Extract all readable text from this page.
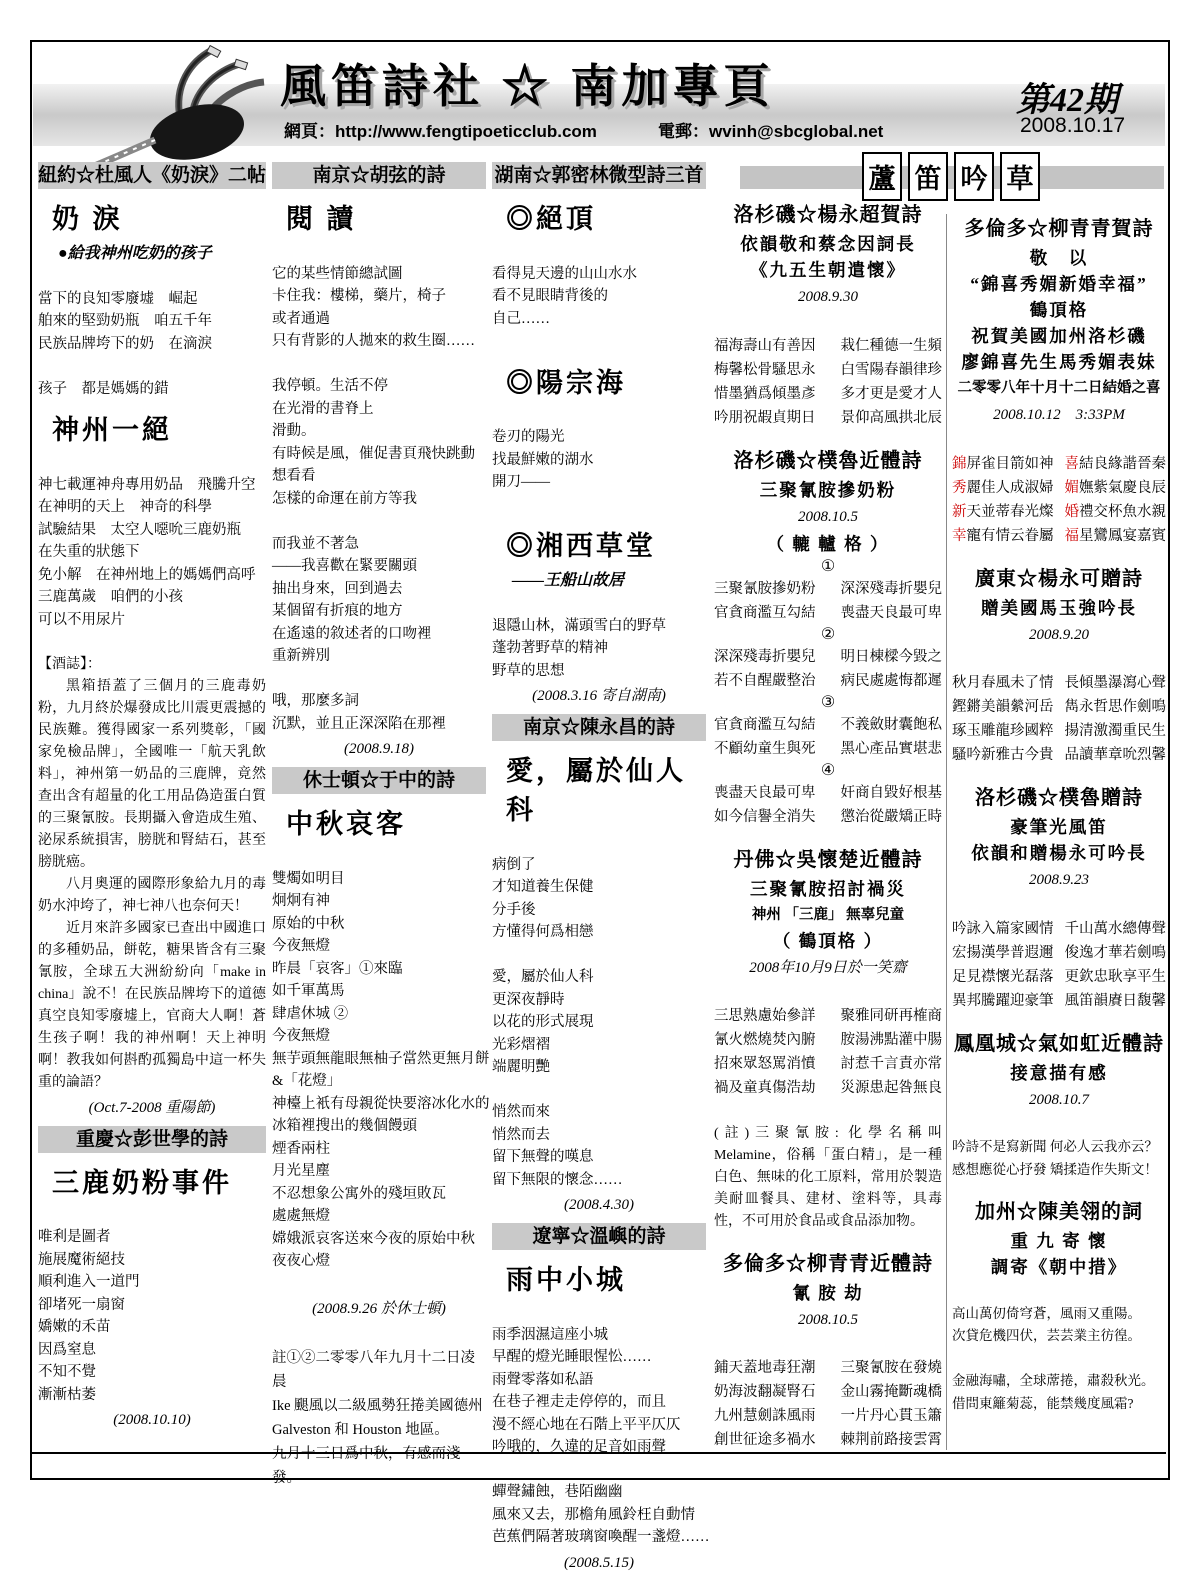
風笛詩社 ☆ 南加專頁
網頁：http://www.fengtipoeticclub.com	電郵：wvinh@sbcglobal.net
第42期
2008.10.17
蘆 笛 吟 草
紐約☆杜風人《奶淚》二帖
奶 淚
●給我神州吃奶的孩子
當下的良知零廢墟　崛起
舶來的堅勁奶瓶　咱五千年
民族品牌垮下的奶　在滴淚
孩子　都是媽媽的錯
神州一絕
神七載運神舟專用奶品　飛騰升空
在神明的天上　神奇的科學
試驗結果　太空人噁吮三鹿奶瓶
在失重的狀態下
免小解　在神州地上的媽媽們高呼
三鹿萬歲　咱們的小孩
可以不用尿片
【酒誌】：
黑箱捂蓋了三個月的三鹿毒奶粉，九月終於爆發成比川震更震撼的民族難。獲得國家一系列獎彰，「國家免檢品牌」，全國唯一「航天乳飲料」，神州第一奶品的三鹿牌，竟然查出含有超量的化工用品偽造蛋白質的三聚氰胺。長期攝入會造成生殖、泌尿系統損害，膀胱和腎結石，甚至膀胱癌。
八月奧運的國際形象給九月的毒奶水沖垮了，神七神八也奈何天！
近月來許多國家已查出中國進口的多種奶品，餅乾，糖果皆含有三聚氰胺，全球五大洲紛紛向「make in china」說不！在民族品牌垮下的道德真空良知零廢墟上，官商大人啊！蒼生孩子啊！我的神州啊！天上神明啊！教我如何斟酌孤獨島中這一杯失重的論語？
(Oct.7-2008 重陽節)
重慶☆彭世學的詩
三鹿奶粉事件
唯利是圖者
施展魔術絕技
順利進入一道門
卻堵死一扇窗
嬌嫩的禾苗
因爲窒息
不知不覺
漸漸枯萎
(2008.10.10)
南京☆胡弦的詩
閱 讀
它的某些情節總試圖
卡住我：樓梯，藥片，椅子
或者通過
只有背影的人拋來的救生圈……
我停頓。生活不停
在光滑的書脊上
滑動。
有時候是風，催促書頁飛快跳動
想看看
怎樣的命運在前方等我
而我並不著急
——我喜歡在緊要關頭
抽出身來，回到過去
某個留有折痕的地方
在遙遠的敘述者的口吻裡
重新辨別
哦，那麼多詞
沉默，並且正深深陷在那裡
(2008.9.18)
休士頓☆于中的詩
中秋哀客
雙燭如明目
炯炯有神
原始的中秋
今夜無燈
昨晨「哀客」①來臨
如千軍萬馬
肆虐休城 ②
今夜無燈
無芋頭無龍眼無柚子當然更無月餅
&「花燈」
神檯上衹有母親從快要溶冰化水的
冰箱裡搜出的幾個饅頭
煙香兩柱
月光星塵
不忍想象公寓外的殘垣敗瓦
處處無燈
嫦娥派哀客送來今夜的原始中秋
夜夜心燈
(2008.9.26 於休士頓)
註①②二零零八年九月十二日凌晨
Ike 颶風以二級風勢狂捲美國德州
Galveston 和 Houston 地區。
九月十三日爲中秋，有感而淺發。
湖南☆郭密林微型詩三首
◎絕頂
看得見天邊的山山水水
看不見眼睛背後的
自己……
◎陽宗海
卷刃的陽光
找最鮮嫩的湖水
開刀——
◎湘西草堂
——王船山故居
退隱山林，滿頭雪白的野草
蓬勃著野草的精神
野草的思想
(2008.3.16 寄自湖南)
南京☆陳永昌的詩
愛，屬於仙人科
病倒了
才知道養生保健
分手後
方懂得何爲相戀
愛，屬於仙人科
更深夜靜時
以花的形式展現
光彩熠褶
端麗明艷
悄然而來
悄然而去
留下無聲的嘆息
留下無限的懷念……
(2008.4.30)
遼寧☆溫嶼的詩
雨中小城
雨季洇濕這座小城
早醒的燈光睡眼惺忪……
雨聲零落如私語
在巷子裡走走停停的，而且
漫不經心地在石階上平平仄仄
吟哦的，久違的足音如雨聲
蟬聲鏽蝕，巷陌幽幽
風來又去，那檐角風鈴枉自動情
芭蕉們隔著玻璃窗喚醒一盞燈……
(2008.5.15)
洛杉磯☆楊永超賀詩
依韻敬和蔡念因詞長
《九五生朝遣懷》
2008.9.30
福海壽山有善因 栽仁種德一生頻
梅馨松骨騷思永 白雪陽春韻律珍
惜墨猶爲傾墨彥 多才更是愛才人
吟朋祝嘏貞期日 景仰高風拱北辰
洛杉磯☆樸魯近體詩
三聚氰胺摻奶粉
2008.10.5
（ 轆 轤 格 ）
①
三聚氰胺摻奶粉 深深殘毒折嬰兒
官貪商濫互勾結 喪盡天良最可卑
②
深深殘毒折嬰兒 明日棟樑今毀之
若不自醒嚴整治 病民處處悔都遲
③
官貪商濫互勾結 不義斂財囊飽私
不顧幼童生與死 黑心產品實堪悲
④
喪盡天良最可卑 奸商自毀好根基
如今信譽全消失 懲治從嚴矯正時
丹佛☆吳懷楚近體詩
三聚氰胺招討禍災
神州 「三鹿」 無辜兒童
（ 鶴頂格 ）
2008年10月9日於一笑齋
三思熟慮始參詳 聚雅同研再榷商
氰火燃燒焚內腑 胺湯沸點灌中腸
招來眾怒罵消憤 討惹千言責亦常
禍及童真傷浩劫 災源患起咎無良
(註)三聚氰胺: 化學名稱叫 Melamine，俗稱「蛋白精」，是一種白色、無味的化工原料，常用於製造美耐皿餐具、建材、塗料等，具毒性，不可用於食品或食品添加物。
多倫多☆柳青青近體詩
氰 胺 劫
2008.10.5
鋪天蓋地毒狂潮 三聚氰胺在發燒
奶海波翻凝腎石 金山霧掩斷魂橋
九州慧劍誅風雨 一片丹心貫玉簫
創世征途多禍水 棘荆前路接雲霄
多倫多☆柳青青賀詩
敬　以
“錦喜秀媚新婚幸福”
鶴頂格
祝賀美國加州洛杉磯
廖錦喜先生馬秀媚表妹
二零零八年十月十二日結婚之喜
2008.10.12　3:33PM
錦屏雀目箭如神 喜結良緣諧晉秦
秀麗佳人成淑婦 媚嫵紫氣慶良辰
新天並蒂春光燦 婚禮交杯魚水親
幸寵有情云眷屬 福星鸞鳳宴嘉賓
廣東☆楊永可贈詩
贈美國馬玉強吟長
2008.9.20
秋月春風未了情 長傾墨瀑瀉心聲
鏗鏘美韻縈河岳 雋永哲思作劍鳴
琢玉雕龍珍國粹 揚清激濁重民生
騷吟新雅古今貴 品讀華章吮烈馨
洛杉磯☆樸魯贈詩
豪筆光風笛
依韻和贈楊永可吟長
2008.9.23
吟詠入篇家國情 千山萬水總傳聲
宏揚漢學普遐邇 俊逸才華若劍鳴
足見襟懷光磊落 更欽忠耿享平生
異邦騰躍迎豪筆 風笛韻賡日馥馨
鳳凰城☆氣如虹近體詩
接意描有感
2008.10.7
吟詩不是寫新聞 何必人云我亦云？
感想應從心抒發 矯揉造作失斯文！
加州☆陳美翎的詞
重 九 寄 懷
調寄《朝中措》
高山萬仞倚穹蒼，風雨又重陽。
次貸危機四伏，芸芸業主彷徨。
金融海嘯，全球蓆捲，肅殺秋光。
借問東籬菊蕊，能禁幾度風霜?
